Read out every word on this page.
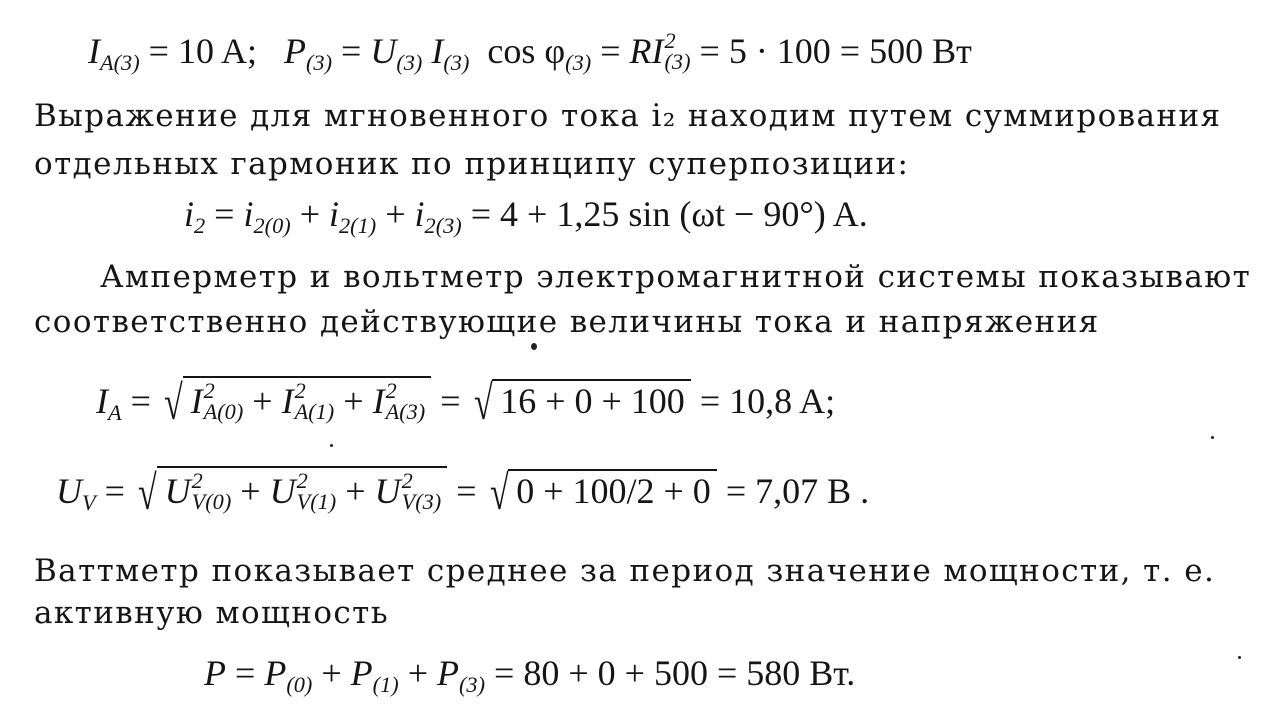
$I_{A(3)} = 10$ A; $P_{(3)} = U_{(3)}$ $I_{(3)}$ $\cos \varphi_{(3)}$ = RI 2
(3) = 5 · 100 = 500 Вт
Выражение для мгновенного тока i₂ находим путем суммирования
отдельных гармоник по принципу суперпозиции:
$i_2 = i_{2(0)} + i_{2(1)} + i_{2(3)} = 4 + 1,25$ sin (ωt − 90°) A.
Амперметр и вольтметр электромагнитной системы показывают
соответственно действующие величины тока и напряжения
$I_A$ = √ I 2
A(0) + I 2
A(1) + I 2
A(3) = √ 16 + 0 + 100 = 10,8 A;
$U_V$ = √ U 2
V(0) + U 2
V(1) + U 2
V(3) = √ 0 + 100/2 + 0 = 7,07 B .
Ваттметр показывает среднее за период значение мощности, т. е.
активную мощность
$P = P_{(0)} + P_{(1)} + P_{(3)} = 80 + 0 + 500 = 580$ Вт.
